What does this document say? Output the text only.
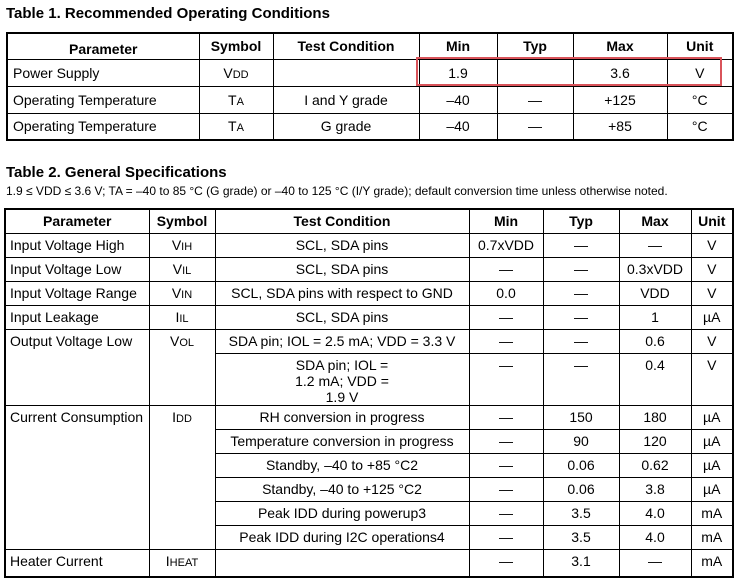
Table 1. Recommended Operating Conditions
Parameter	Symbol	Test Condition	Min	Typ	Max	Unit
Power Supply	VDD		1.9		3.6	V
Operating Temperature	TA	I and Y grade	–40	—	+125	°C
Operating Temperature	TA	G grade	–40	—	+85	°C
Table 2. General Specifications
1.9 ≤ VDD ≤ 3.6 V; TA = –40 to 85 °C (G grade) or –40 to 125 °C (I/Y grade); default conversion time unless otherwise noted.
Parameter	Symbol	Test Condition	Min	Typ	Max	Unit
Input Voltage High	VIH	SCL, SDA pins	0.7xVDD	—	—	V
Input Voltage Low	VIL	SCL, SDA pins	—	—	0.3xVDD	V
Input Voltage Range	VIN	SCL, SDA pins with respect to GND	0.0	—	VDD	V
Input Leakage	IIL	SCL, SDA pins	—	—	1	µA
Output Voltage Low	VOL	SDA pin; IOL = 2.5 mA; VDD = 3.3 V	—	—	0.6	V
		SDA pin; IOL = 1.2 mA; VDD = 1.9 V	—	—	0.4	V
Current Consumption	IDD	RH conversion in progress	—	150	180	µA
		Temperature conversion in progress	—	90	120	µA
		Standby, –40 to +85 °C2	—	0.06	0.62	µA
		Standby, –40 to +125 °C2	—	0.06	3.8	µA
		Peak IDD during powerup3	—	3.5	4.0	mA
		Peak IDD during I2C operations4	—	3.5	4.0	mA
Heater Current	IHEAT		—	3.1	—	mA
